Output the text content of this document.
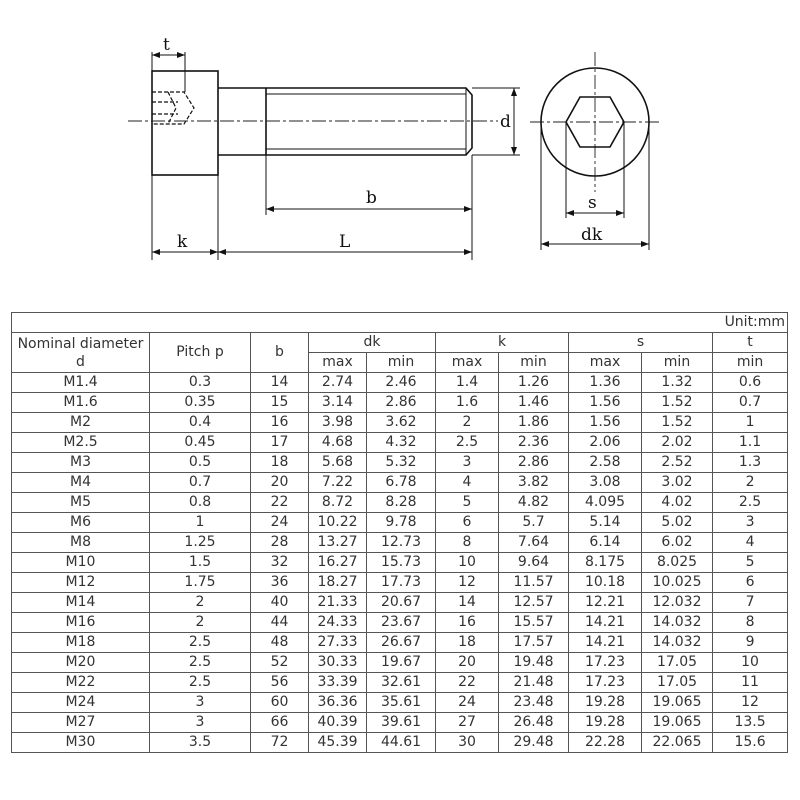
t
d
b
k	L
s
dk
Unit:mm									
Nominal diameter
d	Pitch p	b	dk		k		s		t
			max	min	max	min	max	min	min
M1.4	0.3	14	2.74	2.46	1.4	1.26	1.36	1.32	0.6
M1.6	0.35	15	3.14	2.86	1.6	1.46	1.56	1.52	0.7
M2	0.4	16	3.98	3.62	2	1.86	1.56	1.52	1
M2.5	0.45	17	4.68	4.32	2.5	2.36	2.06	2.02	1.1
M3	0.5	18	5.68	5.32	3	2.86	2.58	2.52	1.3
M4	0.7	20	7.22	6.78	4	3.82	3.08	3.02	2
M5	0.8	22	8.72	8.28	5	4.82	4.095	4.02	2.5
M6	1	24	10.22	9.78	6	5.7	5.14	5.02	3
M8	1.25	28	13.27	12.73	8	7.64	6.14	6.02	4
M10	1.5	32	16.27	15.73	10	9.64	8.175	8.025	5
M12	1.75	36	18.27	17.73	12	11.57	10.18	10.025	6
M14	2	40	21.33	20.67	14	12.57	12.21	12.032	7
M16	2	44	24.33	23.67	16	15.57	14.21	14.032	8
M18	2.5	48	27.33	26.67	18	17.57	14.21	14.032	9
M20	2.5	52	30.33	19.67	20	19.48	17.23	17.05	10
M22	2.5	56	33.39	32.61	22	21.48	17.23	17.05	11
M24	3	60	36.36	35.61	24	23.48	19.28	19.065	12
M27	3	66	40.39	39.61	27	26.48	19.28	19.065	13.5
M30	3.5	72	45.39	44.61	30	29.48	22.28	22.065	15.6
